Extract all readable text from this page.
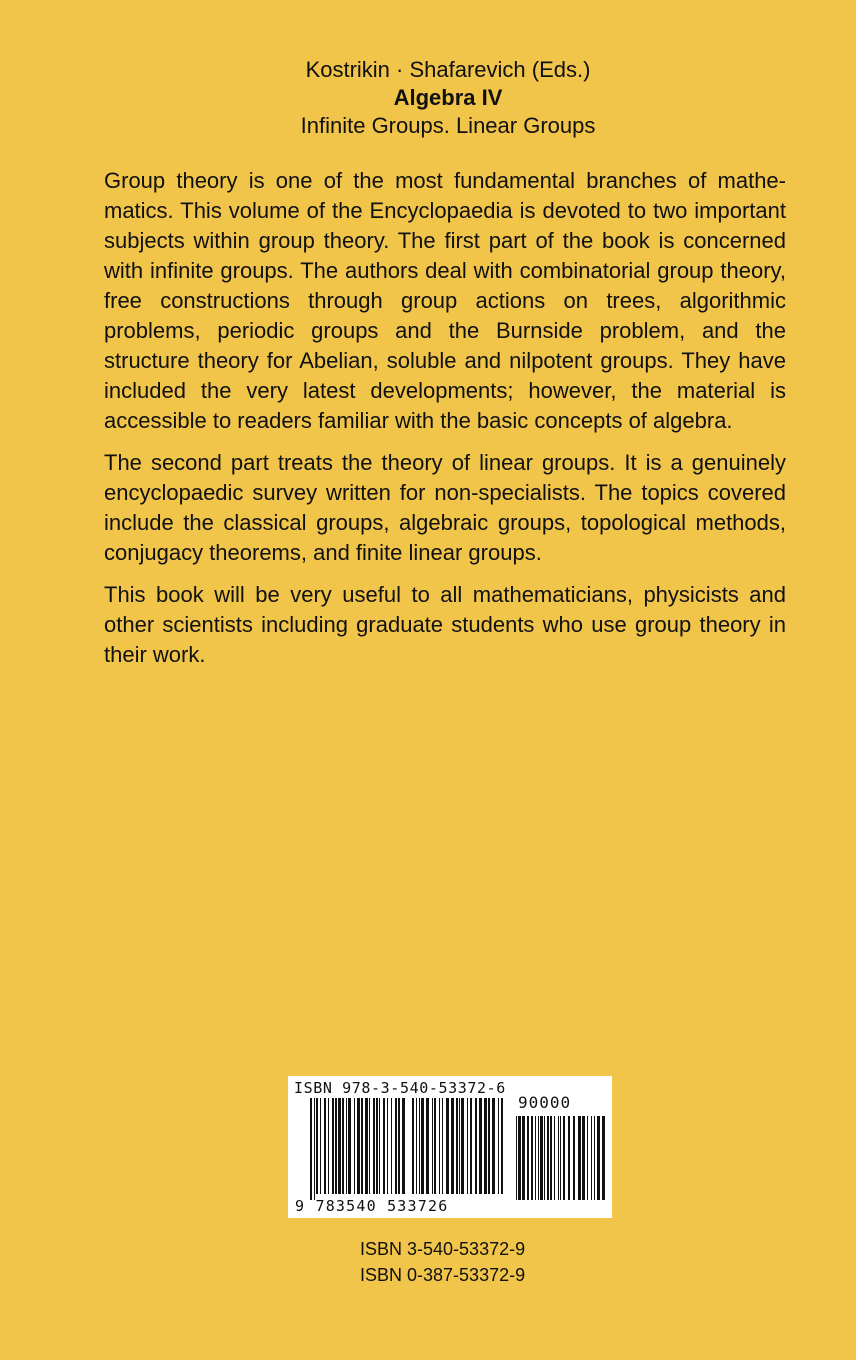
Kostrikin · Shafarevich (Eds.)
Algebra IV
Infinite Groups. Linear Groups

Group theory is one of the most fundamental branches of mathematics. This volume of the Encyclopaedia is devoted to two important subjects within group theory. The first part of the book is concerned with infinite groups. The authors deal with combinatorial group theory, free constructions through group actions on trees, algorithmic problems, periodic groups and the Burnside problem, and the structure theory for Abelian, soluble and nilpotent groups. They have included the very latest developments; however, the material is accessible to readers familiar with the basic concepts of algebra.

The second part treats the theory of linear groups. It is a genuinely encyclopaedic survey written for non-specialists. The topics covered include the classical groups, algebraic groups, topological methods, conjugacy theorems, and finite linear groups.

This book will be very useful to all mathematicians, physicists and other scientists including graduate students who use group theory in their work.

ISBN 978-3-540-53372-6
90000
9 783540 533726
ISBN 3-540-53372-9
ISBN 0-387-53372-9
